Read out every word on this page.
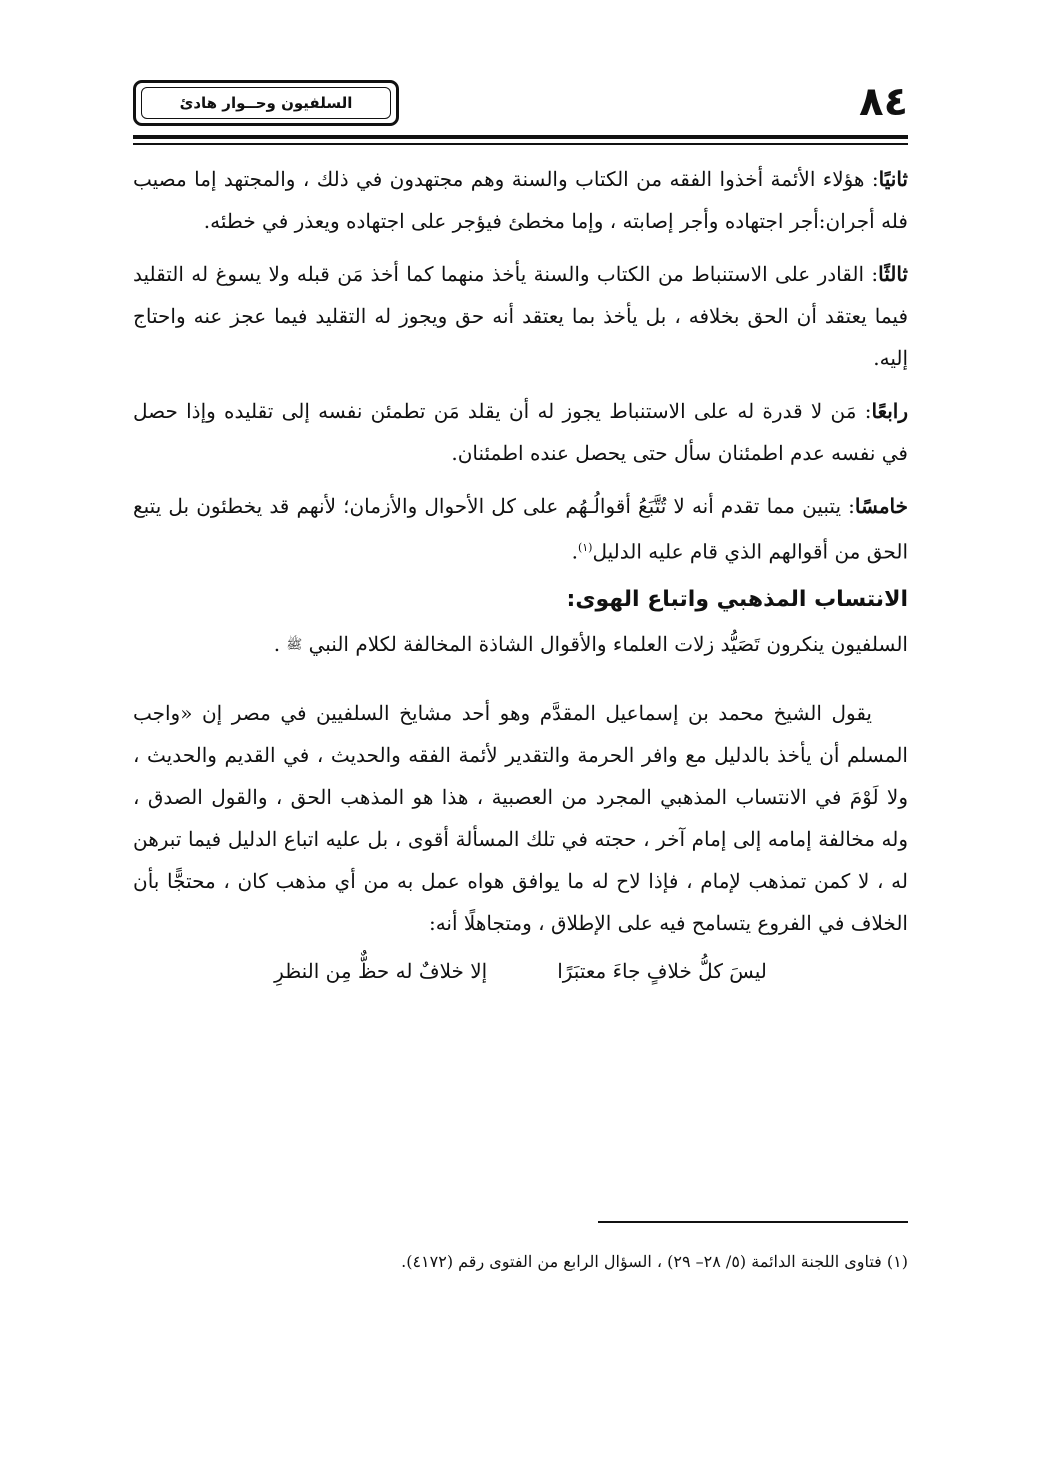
السلفيون وحــوار هادئ	٨٤

ثانيًا: هؤلاء الأئمة أخذوا الفقه من الكتاب والسنة وهم مجتهدون في ذلك ، والمجتهد إما مصيب فله أجران:أجر اجتهاده وأجر إصابته ، وإما مخطئ فيؤجر على اجتهاده ويعذر في خطئه.

ثالثًا: القادر على الاستنباط من الكتاب والسنة يأخذ منهما كما أخذ مَن قبله ولا يسوغ له التقليد فيما يعتقد أن الحق بخلافه ، بل يأخذ بما يعتقد أنه حق ويجوز له التقليد فيما عجز عنه واحتاج إليه.

رابعًا: مَن لا قدرة له على الاستنباط يجوز له أن يقلد مَن تطمئن نفسه إلى تقليده وإذا حصل في نفسه عدم اطمئنان سأل حتى يحصل عنده اطمئنان.

خامسًا: يتبين مما تقدم أنه لا تُتَّبَعُ أقوالُـهُم على كل الأحوال والأزمان؛ لأنهم قد يخطئون بل يتبع الحق من أقوالهم الذي قام عليه الدليل$^{(١)}$.

الانتساب المذهبي واتباع الهوى:

السلفيون ينكرون تَصَيُّد زلات العلماء والأقوال الشاذة المخالفة لكلام النبي ﷺ .

يقول الشيخ محمد بن إسماعيل المقدَّم وهو أحد مشايخ السلفيين في مصر إن «واجب المسلم أن يأخذ بالدليل مع وافر الحرمة والتقدير لأئمة الفقه والحديث ، في القديم والحديث ، ولا لَوْمَ في الانتساب المذهبي المجرد من العصبية ، هذا هو المذهب الحق ، والقول الصدق ، وله مخالفة إمامه إلى إمام آخر ، حجته في تلك المسألة أقوى ، بل عليه اتباع الدليل فيما تبرهن له ، لا كمن تمذهب لإمام ، فإذا لاح له ما يوافق هواه عمل به من أي مذهب كان ، محتجًّا بأن الخلاف في الفروع يتسامح فيه على الإطلاق ، ومتجاهلًا أنه:

ليسَ كلُّ خلافٍ جاءَ معتبَرًا
إلا خلافٌ له حظٌّ مِن النظرِ
(١) فتاوى اللجنة الدائمة (٥/ ٢٨– ٢٩) ، السؤال الرابع من الفتوى رقم (٤١٧٢).
